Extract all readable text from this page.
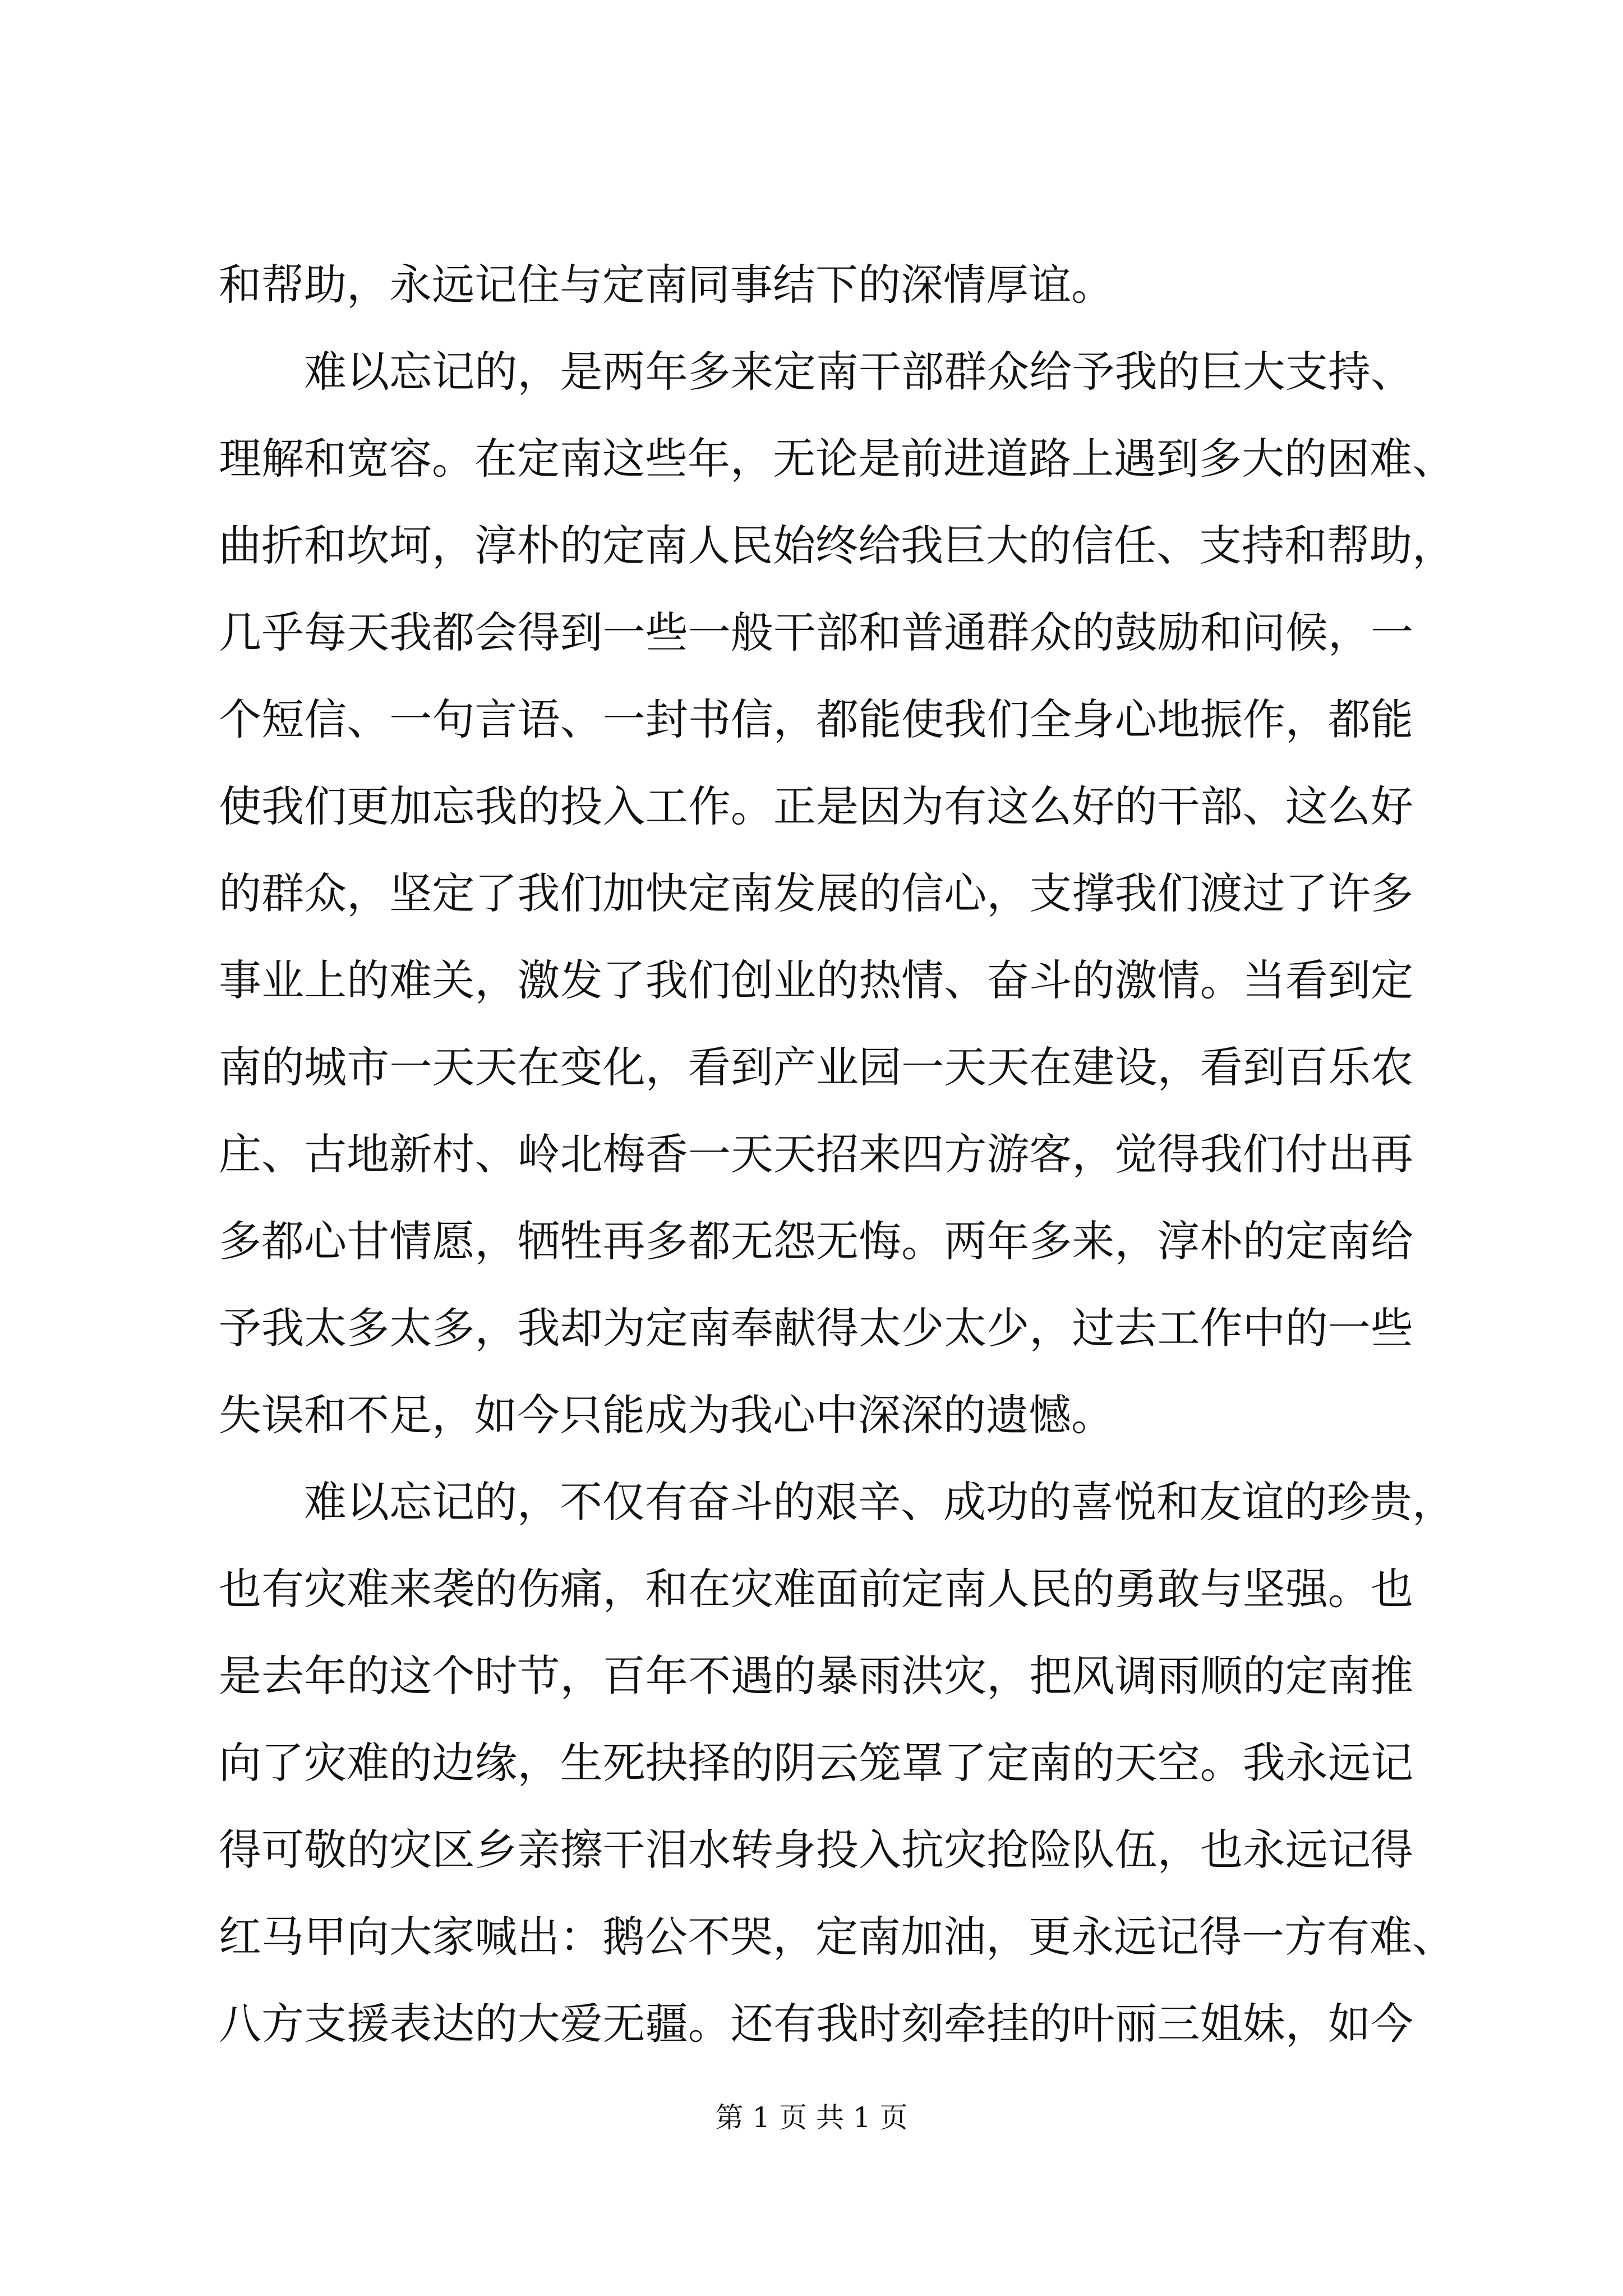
和帮助，永远记住与定南同事结下的深情厚谊。
难以忘记的，是两年多来定南干部群众给予我的巨大支持、
理解和宽容。在定南这些年，无论是前进道路上遇到多大的困难、
曲折和坎坷，淳朴的定南人民始终给我巨大的信任、支持和帮助，
几乎每天我都会得到一些一般干部和普通群众的鼓励和问候，一
个短信、一句言语、一封书信，都能使我们全身心地振作，都能
使我们更加忘我的投入工作。正是因为有这么好的干部、这么好
的群众，坚定了我们加快定南发展的信心，支撑我们渡过了许多
事业上的难关，激发了我们创业的热情、奋斗的激情。当看到定
南的城市一天天在变化，看到产业园一天天在建设，看到百乐农
庄、古地新村、岭北梅香一天天招来四方游客，觉得我们付出再
多都心甘情愿，牺牲再多都无怨无悔。两年多来，淳朴的定南给
予我太多太多，我却为定南奉献得太少太少，过去工作中的一些
失误和不足，如今只能成为我心中深深的遗憾。
难以忘记的，不仅有奋斗的艰辛、成功的喜悦和友谊的珍贵，
也有灾难来袭的伤痛，和在灾难面前定南人民的勇敢与坚强。也
是去年的这个时节，百年不遇的暴雨洪灾，把风调雨顺的定南推
向了灾难的边缘，生死抉择的阴云笼罩了定南的天空。我永远记
得可敬的灾区乡亲擦干泪水转身投入抗灾抢险队伍，也永远记得
红马甲向大家喊出：鹅公不哭，定南加油，更永远记得一方有难、
八方支援表达的大爱无疆。还有我时刻牵挂的叶丽三姐妹，如今
第 1 页 共 1 页
